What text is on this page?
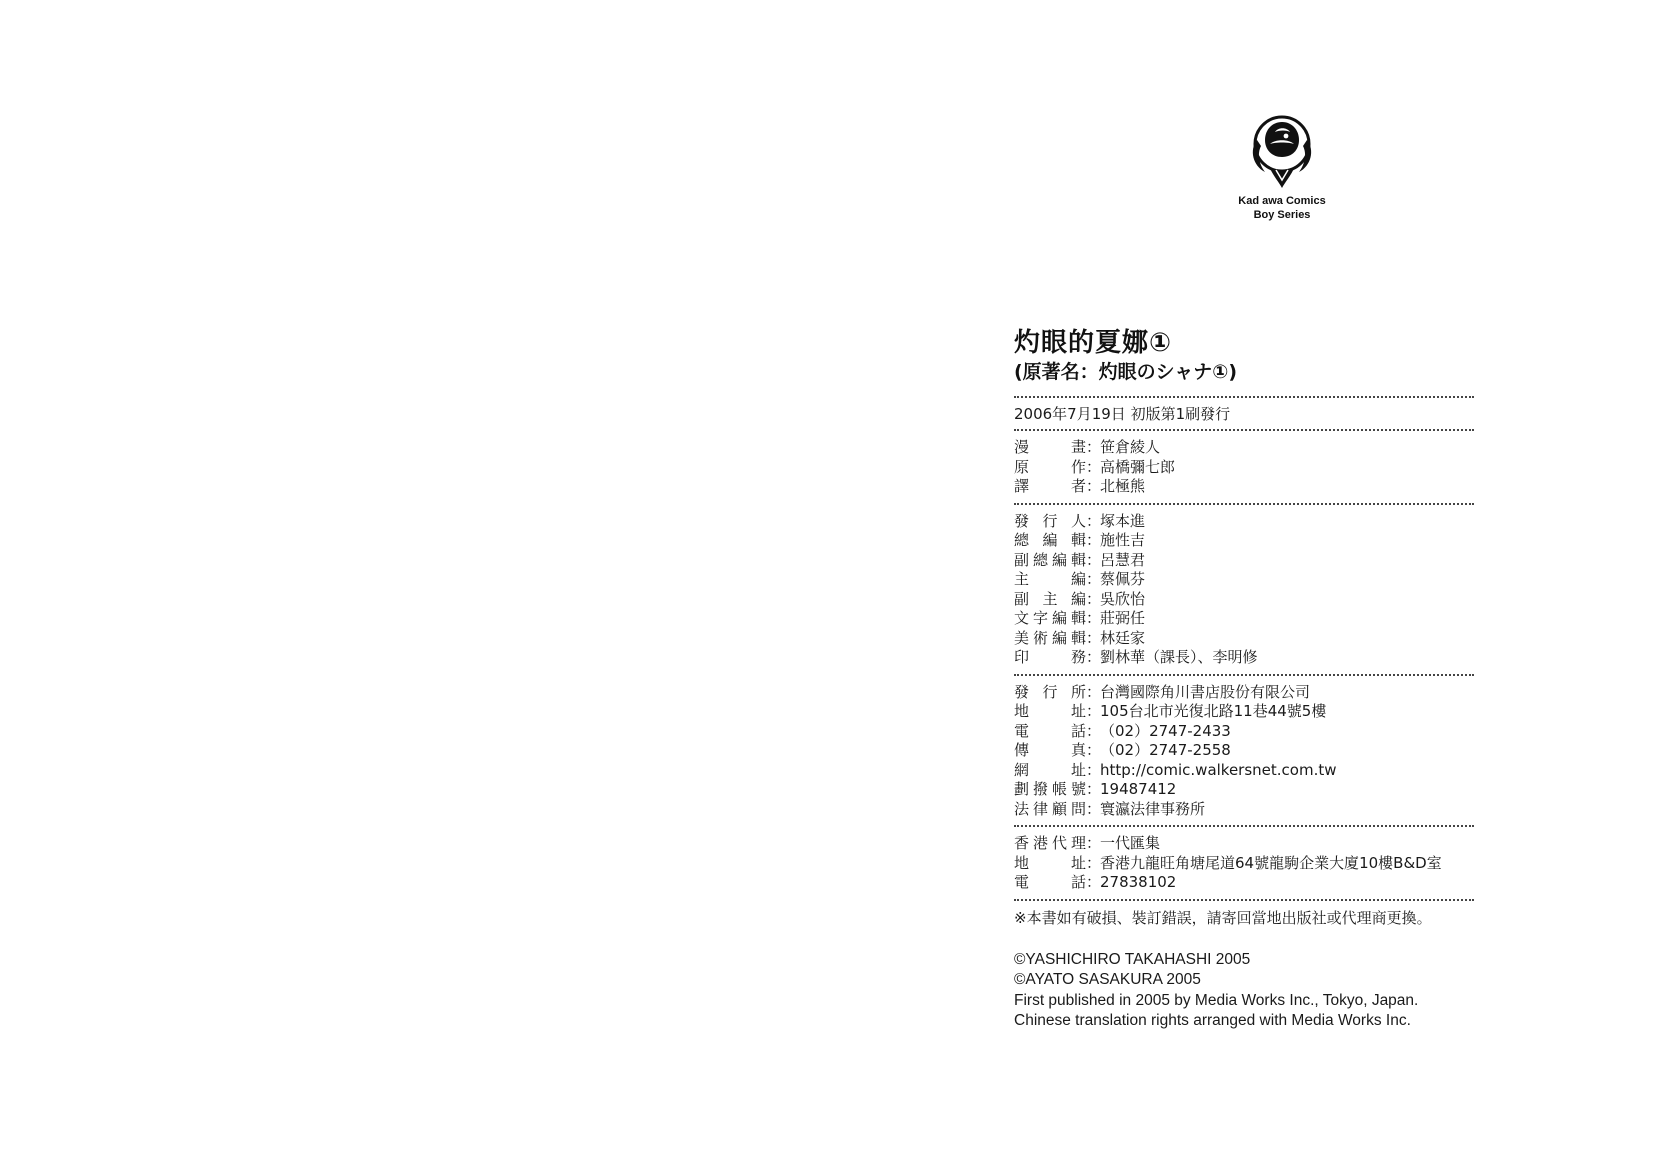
Kad awa Comics
Boy Series
灼眼的夏娜①
(原著名：灼眼のシャナ①)
2006年7月19日 初版第1刷發行
漫	畫 ：
笹倉綾人
原	作 ：
高橋彌七郎
譯	者 ：
北極熊
發 行 人 ：
塚本進
總 編 輯 ：
施性吉
副 總 編 輯 ：
呂慧君
主	編 ：
蔡佩芬
副 主 編 ：
吳欣怡
文 字 編 輯 ：
莊弼任
美 術 編 輯 ：
林廷家
印	務 ：
劉林華（課長）、李明修
發 行 所 ：
台灣國際角川書店股份有限公司
地	址 ：
105台北市光復北路11巷44號5樓
電	話 ：
（02）2747-2433
傳	真 ：
（02）2747-2558
網	址 ：
http://comic.walkersnet.com.tw
劃 撥 帳 號 ：
19487412
法 律 顧 問 ：
寰瀛法律事務所
香 港 代 理 ：
一代匯集
地	址 ：
香港九龍旺角塘尾道64號龍駒企業大廈10樓B&D室
電	話 ：
27838102
※本書如有破損、裝訂錯誤，請寄回當地出版社或代理商更換。
©YASHICHIRO TAKAHASHI 2005
©AYATO SASAKURA 2005
First published in 2005 by Media Works Inc., Tokyo, Japan.
Chinese translation rights arranged with Media Works Inc.
